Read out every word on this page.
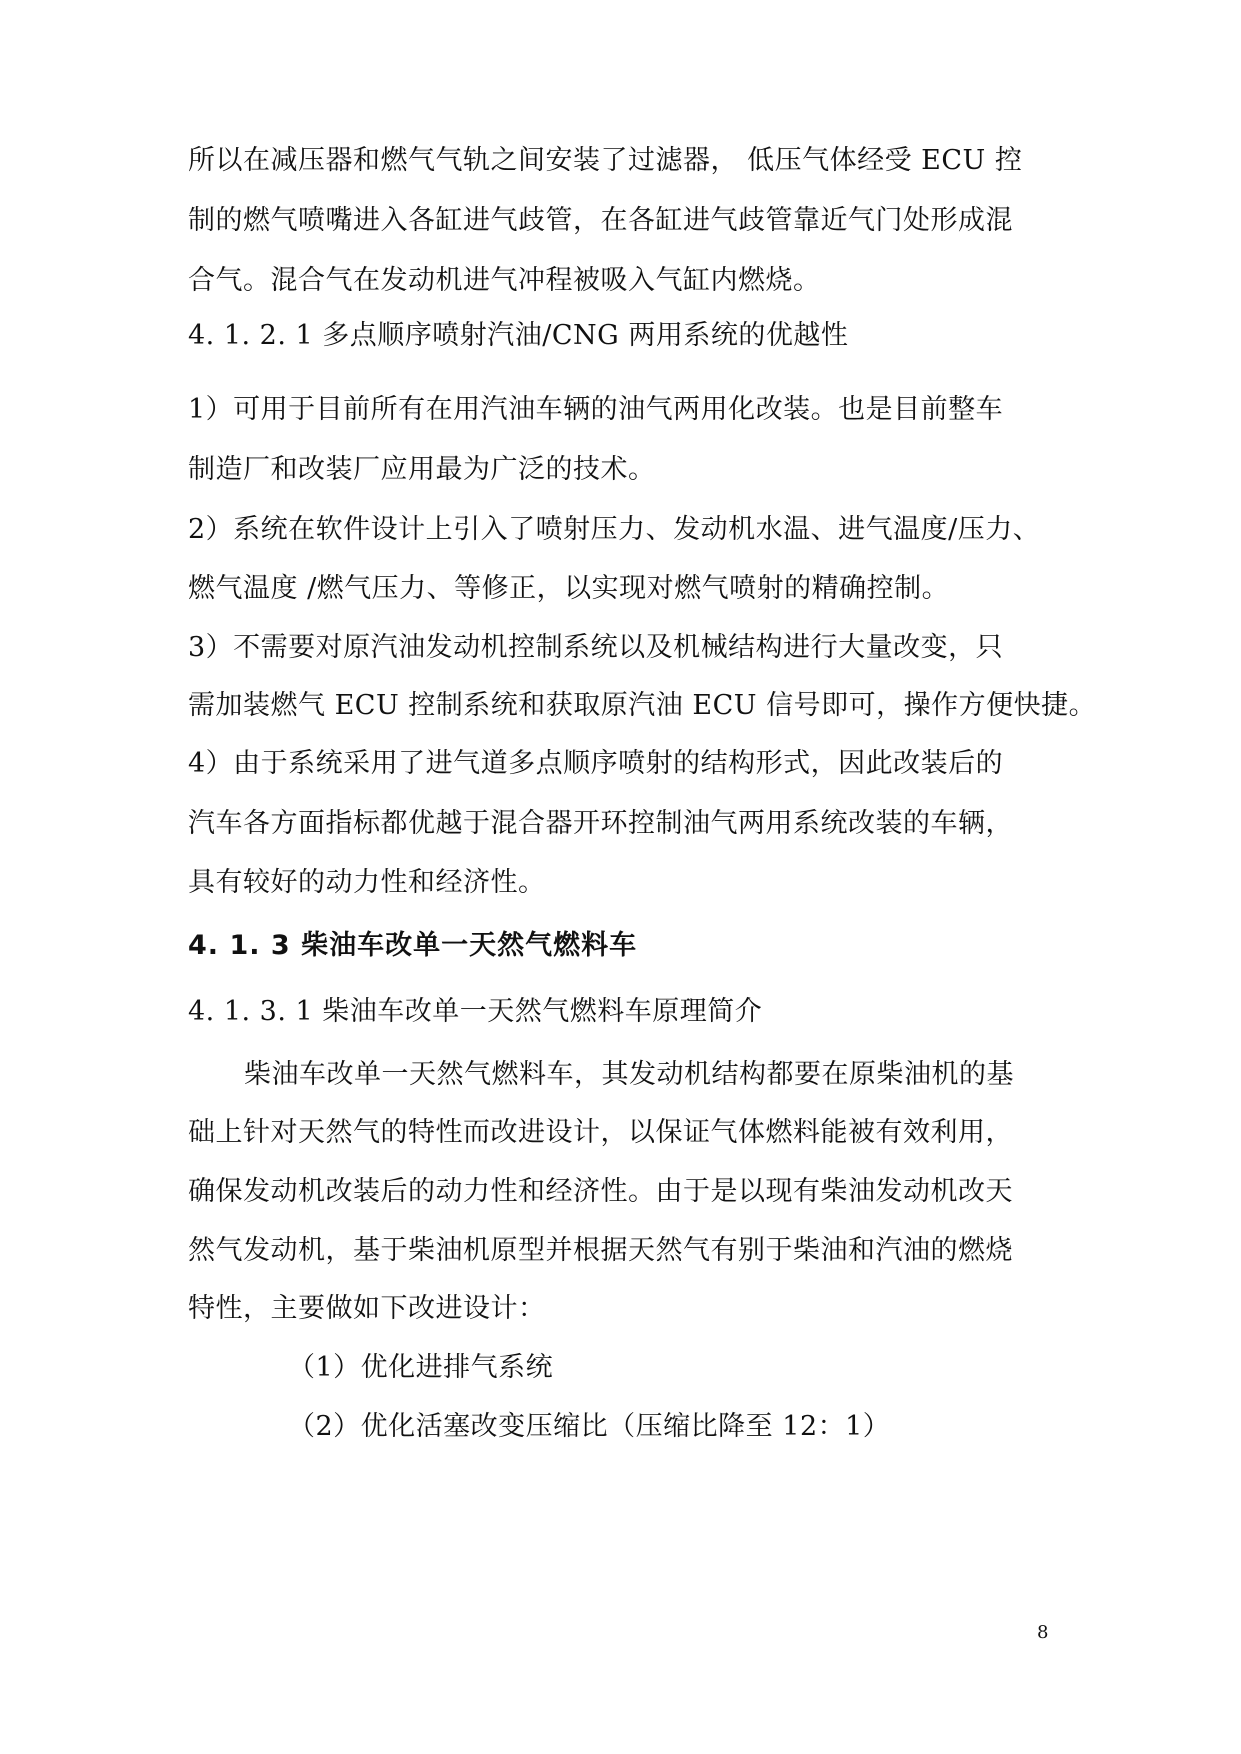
所以在减压器和燃气气轨之间安装了过滤器， 低压气体经受 ECU 控
制的燃气喷嘴进入各缸进气歧管，在各缸进气歧管靠近气门处形成混
合气。混合气在发动机进气冲程被吸入气缸内燃烧。
4. 1. 2. 1 多点顺序喷射汽油/CNG 两用系统的优越性
1）可用于目前所有在用汽油车辆的油气两用化改装。也是目前整车
制造厂和改装厂应用最为广泛的技术。
2）系统在软件设计上引入了喷射压力、发动机水温、进气温度/压力、
燃气温度 /燃气压力、等修正，以实现对燃气喷射的精确控制。
3）不需要对原汽油发动机控制系统以及机械结构进行大量改变，只
需加装燃气 ECU 控制系统和获取原汽油 ECU 信号即可，操作方便快捷。
4）由于系统采用了进气道多点顺序喷射的结构形式，因此改装后的
汽车各方面指标都优越于混合器开环控制油气两用系统改装的车辆，
具有较好的动力性和经济性。
4. 1. 3 柴油车改单一天然气燃料车
4. 1. 3. 1 柴油车改单一天然气燃料车原理简介
柴油车改单一天然气燃料车，其发动机结构都要在原柴油机的基
础上针对天然气的特性而改进设计，以保证气体燃料能被有效利用，
确保发动机改装后的动力性和经济性。由于是以现有柴油发动机改天
然气发动机，基于柴油机原型并根据天然气有别于柴油和汽油的燃烧
特性，主要做如下改进设计：
（1）优化进排气系统
（2）优化活塞改变压缩比（压缩比降至 12：1）
8
